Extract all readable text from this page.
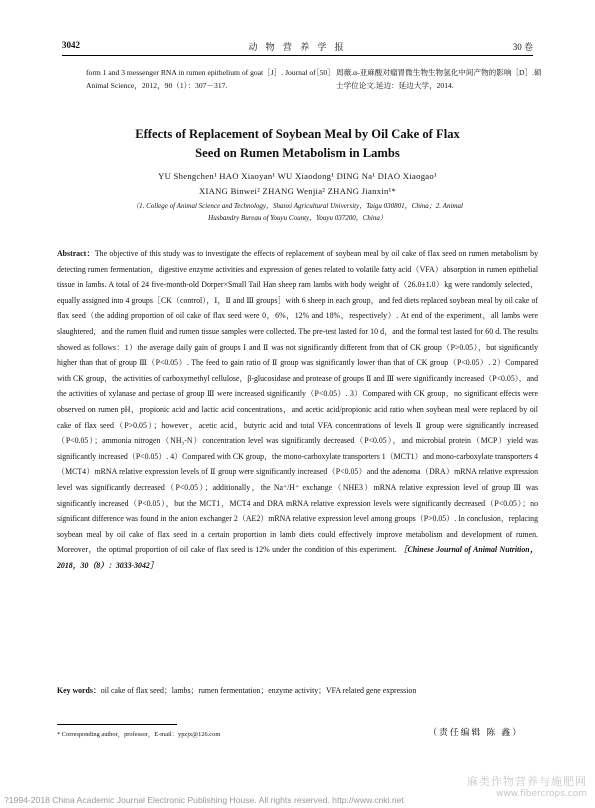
3042	动 物 营 养 学 报	30 卷
form 1 and 3 messenger RNA in rumen epithelium of goat［J］. Journal of Animal Science，2012，90（1）：307－317.
［50］ 周薇.α-亚麻酸对瘤胃微生物生物氢化中间产物的影响［D］.硕士学位论文.延边：延边大学，2014.
Effects of Replacement of Soybean Meal by Oil Cake of Flax
Seed on Rumen Metabolism in Lambs
YU Shengchen¹ HAO Xiaoyan¹ WU Xiaodong¹ DING Na¹ DIAO Xiaogao¹
XIANG Binwei² ZHANG Wenjia² ZHANG Jianxin¹*
（1. College of Animal Science and Technology，Shanxi Agricultural University，Taigu 030801，China；2. Animal
Husbandry Bureau of Youyu County，Youyu 037200，China）
Abstract：The objective of this study was to investigate the effects of replacement of soybean meal by oil cake of flax seed on rumen metabolism by detecting rumen fermentation，digestive enzyme activities and expression of genes related to volatile fatty acid（VFA）absorption in rumen epithelial tissue in lambs. A total of 24 five-month-old Dorper×Small Tail Han sheep ram lambs with body weight of（26.0±1.0）kg were randomly selected，equally assigned into 4 groups［CK（control），Ⅰ，Ⅱ and Ⅲ groups］with 6 sheep in each group，and fed diets replaced soybean meal by oil cake of flax seed（the adding proportion of oil cake of flax seed were 0，6%，12% and 18%，respectively）. At end of the experiment，all lambs were slaughtered，and the rumen fluid and rumen tissue samples were collected. The pre-test lasted for 10 d，and the formal test lasted for 60 d. The results showed as follows：1）the average daily gain of groups Ⅰ and Ⅱ was not significantly different from that of CK group（P>0.05），but significantly higher than that of group Ⅲ（P<0.05）. The feed to gain ratio of Ⅱ group was significantly lower than that of CK group（P<0.05）. 2）Compared with CK group，the activities of carboxymethyl cellulose，β-glucosidase and protease of groups Ⅱ and Ⅲ were significantly increased（P<0.05），and the activities of xylanase and pectase of group Ⅲ were increased significantly（P<0.05）. 3）Compared with CK group，no significant effects were observed on rumen pH，propionic acid and lactic acid concentrations，and acetic acid/propionic acid ratio when soybean meal were replaced by oil cake of flax seed（P>0.05）；however，acetic acid，butyric acid and total VFA concentrations of levels Ⅱ group were significantly increased（P<0.05）；ammonia nitrogen（NH₃-N）concentration level was significantly decreased（P<0.05），and microbial protein（MCP）yield was significantly increased（P<0.05）. 4）Compared with CK group，the mono-carboxylate transporters 1（MCT1）and mono-carboxylate transporters 4（MCT4）mRNA relative expression levels of Ⅱ group were significantly increased（P<0.05）and the adenoma（DRA）mRNA relative expression level was significantly decreased（P<0.05）；additionally，the Na⁺/H⁺ exchange（NHE3）mRNA relative expression level of group Ⅲ was significantly increased（P<0.05），but the MCT1，MCT4 and DRA mRNA relative expression levels were significantly decreased（P<0.05）；no significant difference was found in the anion exchanger 2（AE2）mRNA relative expression level among groups（P>0.05）. In conclusion，replacing soybean meal by oil cake of flax seed in a certain proportion in lamb diets could effectively improve metabolism and development of rumen. Moreover，the optimal proportion of oil cake of flax seed is 12% under the condition of this experiment. ［Chinese Journal of Animal Nutrition，2018，30（8）：3033-3042］
Key words：oil cake of flax seed；lambs；rumen fermentation；enzyme activity；VFA related gene expression
* Corresponding author，professor，E-mail：ypzjx@126.com	（责任编辑 陈 鑫）
麻类作物营养与施肥网
www.fibercrops.com
?1994-2018 China Academic Journal Electronic Publishing House. All rights reserved. http://www.cnki.net
